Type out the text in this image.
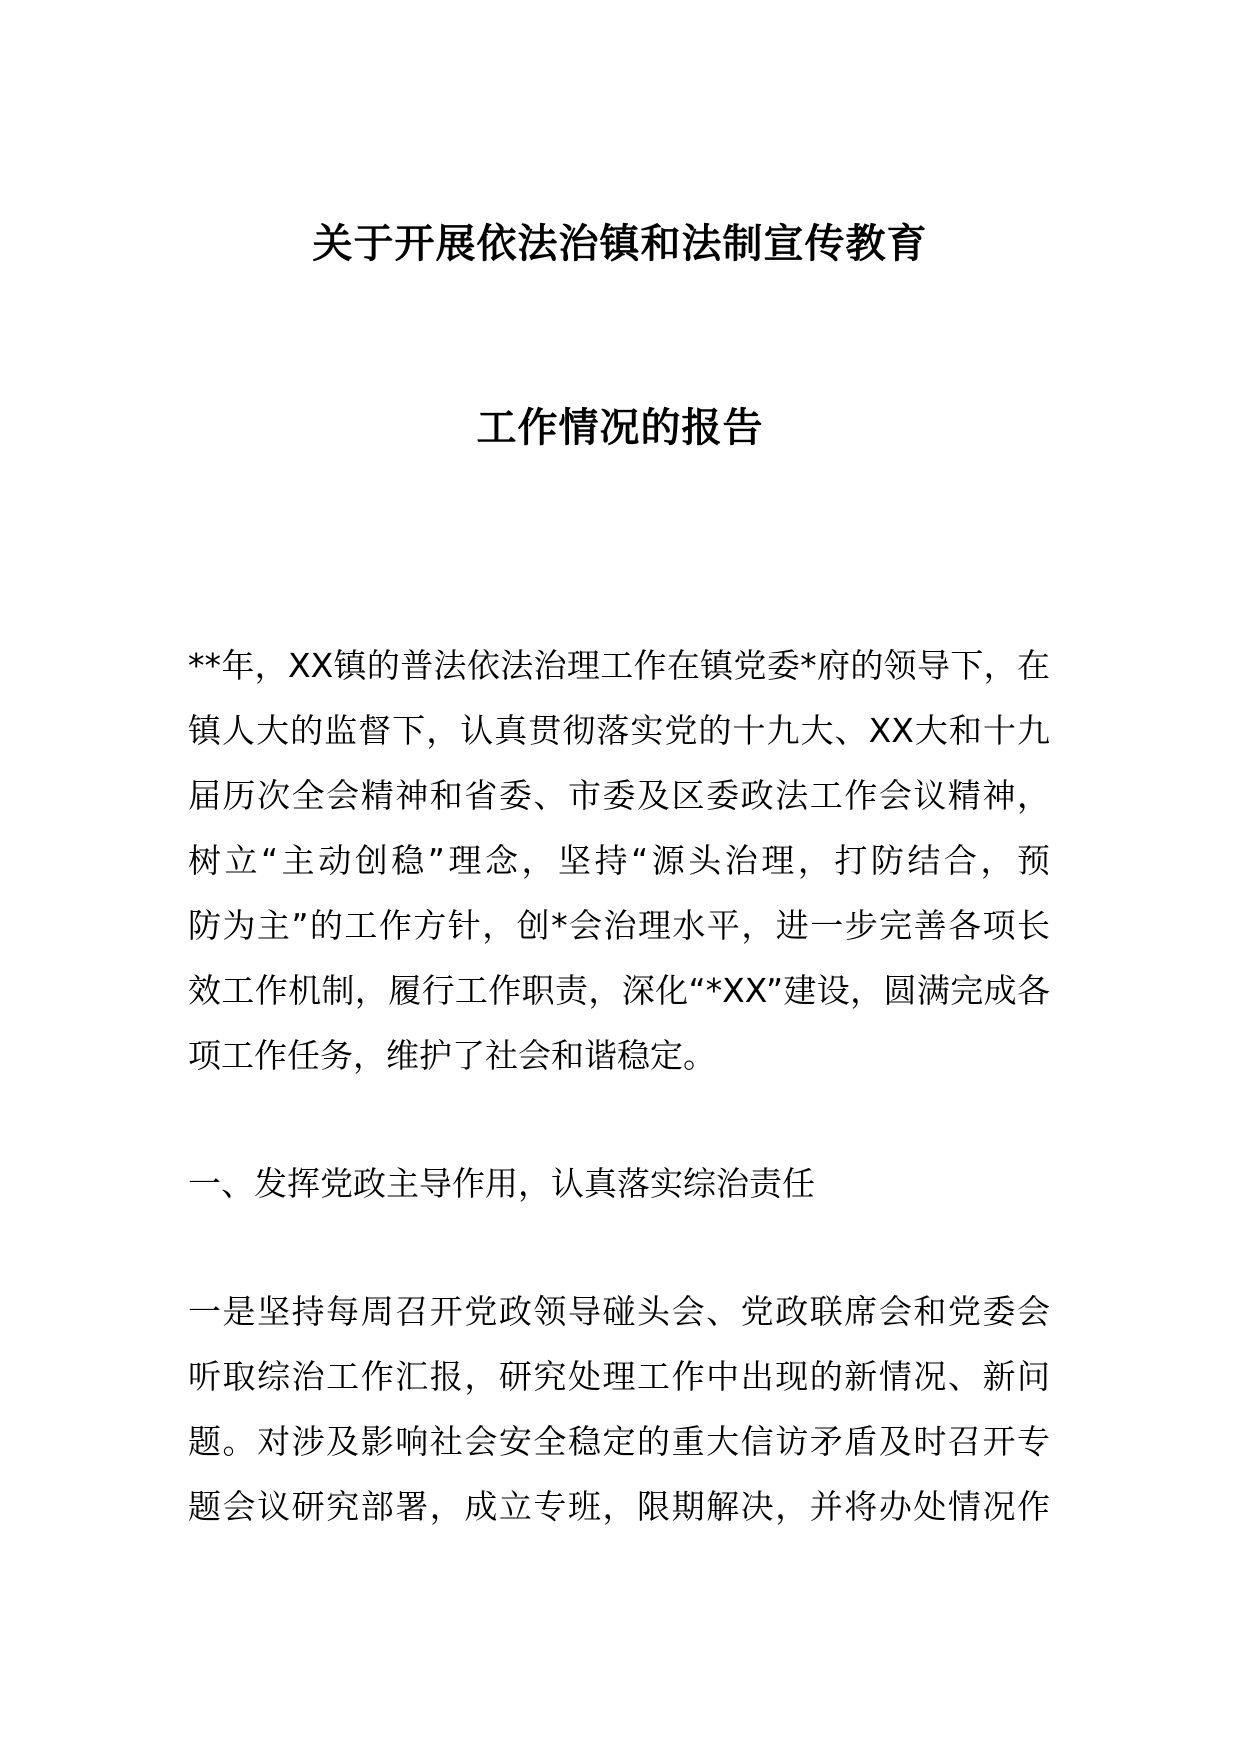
关于开展依法治镇和法制宣传教育
工作情况的报告
**年，XX镇的普法依法治理工作在镇党委*府的领导下，在
镇人大的监督下，认真贯彻落实党的十九大、XX大和十九
届历次全会精神和省委、市委及区委政法工作会议精神，
树立“主动创稳”理念，坚持“源头治理，打防结合，预
防为主”的工作方针，创*会治理水平，进一步完善各项长
效工作机制，履行工作职责，深化“*XX”建设，圆满完成各
项工作任务，维护了社会和谐稳定。
一、发挥党政主导作用，认真落实综治责任
一是坚持每周召开党政领导碰头会、党政联席会和党委会
听取综治工作汇报，研究处理工作中出现的新情况、新问
题。对涉及影响社会安全稳定的重大信访矛盾及时召开专
题会议研究部署，成立专班，限期解决，并将办处情况作
